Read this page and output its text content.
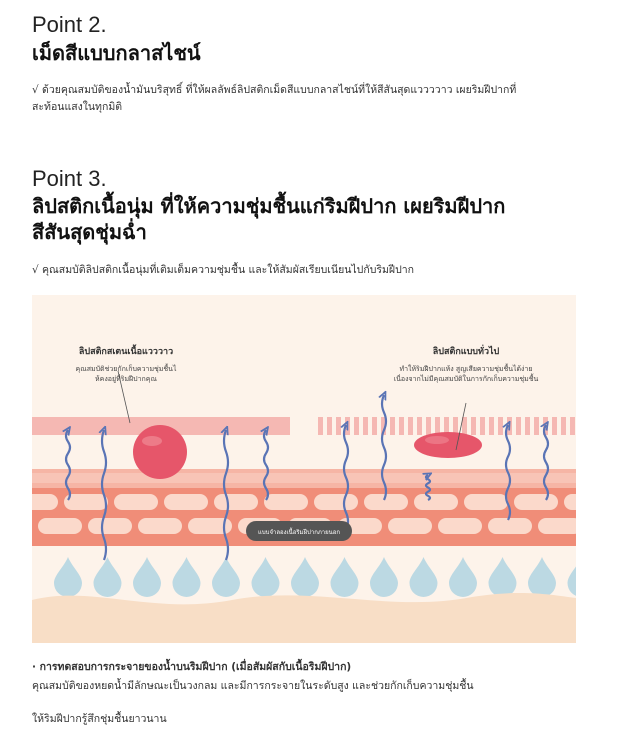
Point 2.
เม็ดสีแบบกลาสไชน์
√ ด้วยคุณสมบัติของน้ำมันบริสุทธิ์ ที่ให้ผลลัพธ์ลิปสติกเม็ดสีแบบกลาสไชน์ที่ให้สีสันสุดแววววาว เผยริมฝีปากที่
สะท้อนแสงในทุกมิติ
Point 3.
ลิปสติกเนื้อนุ่ม ที่ให้ความชุ่มชื้นแก่ริมฝีปาก เผยริมฝีปาก
สีสันสุดชุ่มฉ่ำ
√ คุณสมบัติลิปสติกเนื้อนุ่มที่เติมเต็มความชุ่มชื้น และให้สัมผัสเรียบเนียนไปกับริมฝีปาก
ลิปสติกสเตนเนื้อแวววาว
คุณสมบัติช่วยกักเก็บความชุ่มชื้นไ
ห้คงอยู่ที่ริมฝีปากคุณ
ลิปสติกแบบทั่วไป
ทำให้ริมฝีปากแห้ง สูญเสียความชุ่มชื้นได้ง่าย
เนื่องจากไม่มีคุณสมบัติในการกักเก็บความชุ่มชื้น
แบบจำลองเนื้อริมฝีปากภายนอก
· การทดสอบการกระจายของน้ำบนริมฝีปาก (เมื่อสัมผัสกับเนื้อริมฝีปาก)
คุณสมบัติของหยดน้ำมีลักษณะเป็นวงกลม และมีการกระจายในระดับสูง และช่วยกักเก็บความชุ่มชื้น
ให้ริมฝีปากรู้สึกชุ่มชื้นยาวนาน
